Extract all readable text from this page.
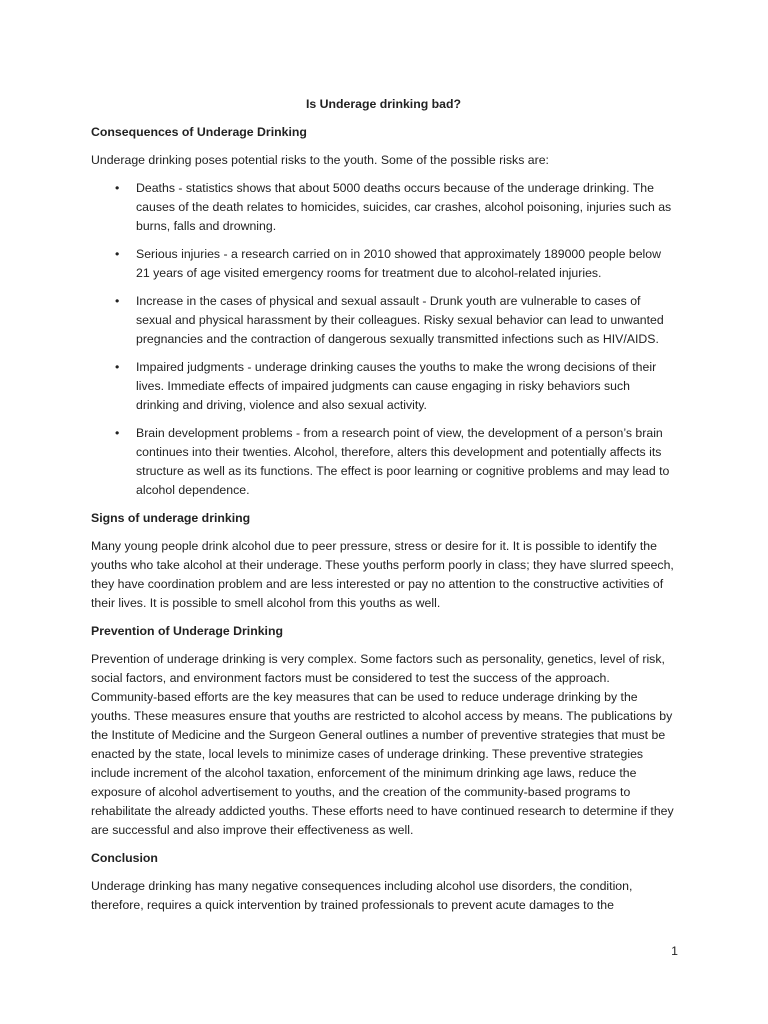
Is Underage drinking bad?
Consequences of Underage Drinking

Underage drinking poses potential risks to the youth. Some of the possible risks are:

• Deaths - statistics shows that about 5000 deaths occurs because of the underage drinking. The causes of the death relates to homicides, suicides, car crashes, alcohol poisoning, injuries such as burns, falls and drowning.
• Serious injuries - a research carried on in 2010 showed that approximately 189000 people below 21 years of age visited emergency rooms for treatment due to alcohol-related injuries.
• Increase in the cases of physical and sexual assault - Drunk youth are vulnerable to cases of sexual and physical harassment by their colleagues. Risky sexual behavior can lead to unwanted pregnancies and the contraction of dangerous sexually transmitted infections such as HIV/AIDS.
• Impaired judgments - underage drinking causes the youths to make the wrong decisions of their lives. Immediate effects of impaired judgments can cause engaging in risky behaviors such drinking and driving, violence and also sexual activity.
• Brain development problems - from a research point of view, the development of a person’s brain continues into their twenties. Alcohol, therefore, alters this development and potentially affects its structure as well as its functions. The effect is poor learning or cognitive problems and may lead to alcohol dependence.
Signs of underage drinking

Many young people drink alcohol due to peer pressure, stress or desire for it. It is possible to identify the youths who take alcohol at their underage. These youths perform poorly in class; they have slurred speech, they have coordination problem and are less interested or pay no attention to the constructive activities of their lives. It is possible to smell alcohol from this youths as well.

Prevention of Underage Drinking

Prevention of underage drinking is very complex. Some factors such as personality, genetics, level of risk, social factors, and environment factors must be considered to test the success of the approach. Community-based efforts are the key measures that can be used to reduce underage drinking by the youths. These measures ensure that youths are restricted to alcohol access by means. The publications by the Institute of Medicine and the Surgeon General outlines a number of preventive strategies that must be enacted by the state, local levels to minimize cases of underage drinking. These preventive strategies include increment of the alcohol taxation, enforcement of the minimum drinking age laws, reduce the exposure of alcohol advertisement to youths, and the creation of the community-based programs to rehabilitate the already addicted youths. These efforts need to have continued research to determine if they are successful and also improve their effectiveness as well.

Conclusion

Underage drinking has many negative consequences including alcohol use disorders, the condition, therefore, requires a quick intervention by trained professionals to prevent acute damages to the

1
